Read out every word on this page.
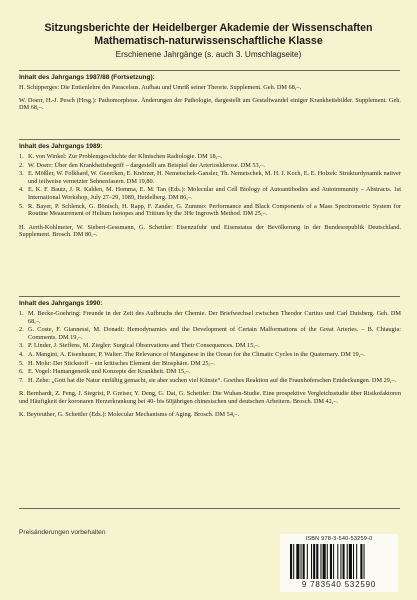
Sitzungsberichte der Heidelberger Akademie der Wissenschaften
Mathematisch-naturwissenschaftliche Klasse
Erschienene Jahrgänge (s. auch 3. Umschlagseite)
Inhalt des Jahrgangs 1987/88 (Fortsetzung):
H. Schipperges: Die Entienlehre des Paracelsus. Aufbau und Umriß seiner Theorie. Supplement. Geh. DM 68,–.
W. Doerr, H.-J. Pesch (Hrsg.): Pathomorphose. Änderungen der Pathologie, dargestellt am Gestaltwandel einiger Krankheitsbilder. Supplement. Geh. DM 68,–.
Inhalt des Jahrgangs 1989:
1. K. von Winkel: Zur Problemgeschichte der Klinischen Radiologie. DM 18,–.
2. W. Doerr: Über den Krankheitsbegriff – dargestellt am Beispiel der Arteriosklerose. DM 53,–.
3. E. Mößler, W. Folkhard, W. Geercken, E. Knörzer, H. Nemetschek-Gansler, Th. Nemetschek, M. H. J. Koch, E. E. Holzek: Strukturdynamik nativer und teilweise vernetzter Sehnenfasern. DM 19,80.
4. E. K. F. Bautz, J. R. Kalden, M. Homma, E. M. Tan (Eds.): Molecular and Cell Biology of Autoantibodies and Autoimmunity – Abstracts. 1st International Workshop, July 27–29, 1989, Heidelberg. DM 86,–.
5. R. Bayer, P. Schlenck, G. Bönisch, H. Rapp, F. Zander, G. Zummo: Performance and Black Components of a Mass Spectrometric System for Routine Measurement of Helium Isotopes and Tritium by the 3He Ingrowth Method. DM 25,–.
H. Aerth-Kohlmeier, W. Siebert-Gessmann, G. Schettler: Eisenzufuhr und Eisenstatus der Bevölkerung in der Bundesrepublik Deutschland. Supplement. Brosch. DM 80,–.
Inhalt des Jahrgangs 1990:
1. M. Becke-Goehring: Freunde in der Zeit des Aufbruchs der Chemie. Der Briefwechsel zwischen Theodor Curtius und Carl Duisberg. Geh. DM 68,–.
2. G. Coste, F. Giannessi, M. Donadi: Hemodynamics and the Development of Certain Malformations of the Great Arteries. – B. Chiaugia: Comments. DM 19,–.
3. P. Linder, J. Steffens, M. Ziegler: Surgical Observations and Their Consequences. DM 15,–.
4. A. Mangini, A. Eisenhauer, P. Walter: The Relevance of Manganese in the Ocean for the Climatic Cycles in the Quaternary. DM 19,–.
5. H. Mohr: Der Stickstoff – ein kritisches Element der Biosphäre. DM 25,–.
6. E. Vogel: Humangenetik und Konzepte der Krankheit. DM 15,–.
7. H. Zehe: „Gott hat die Natur einfältig gemacht, sie aber suchen viel Künste“. Goethes Reaktion auf die Fraunhoferschen Entdeckungen. DM 29,–.
R. Bernhardt, Z. Feng, J. Siegrist, P. Greiser, Y. Deng, G. Dai, G. Schettler: Die Wuhan-Studie. Eine prospektive Vergleichsstudie über Risikofaktoren und Häufigkeit der koronaren Herzerkrankung bei 40- bis 60jährigen chinesischen und deutschen Arbeitern. Brosch. DM 42,–.
K. Beyreuther, G. Schettler (Eds.): Molecular Mechanisms of Aging. Brosch. DM 54,–.
Preisänderungen vorbehalten
ISBN 978-3-540-53259-0
9 783540 532590
